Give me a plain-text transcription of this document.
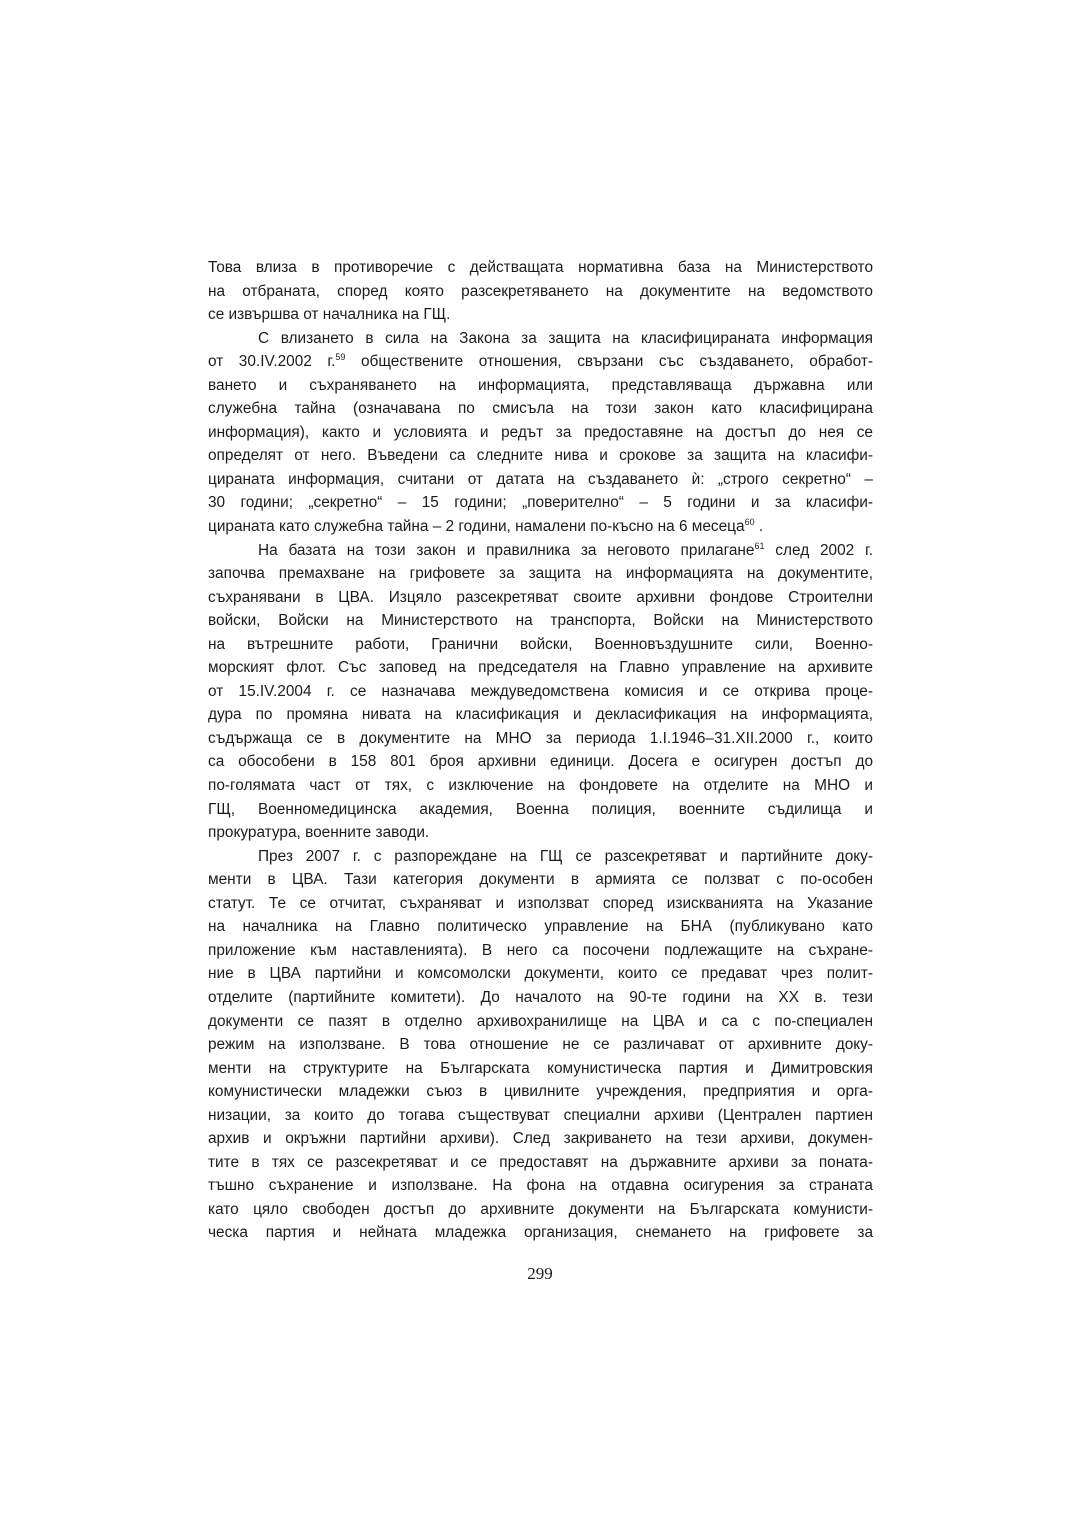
Това влиза в противоречие с действащата нормативна база на Министерството
на отбраната, според която разсекретяването на документите на ведомството
се извършва от началника на ГЩ.
С влизането в сила на Закона за защита на класифицираната информация
от 30.IV.2002 г.$^{59}$ обществените отношения, свързани със създаването, обработ-
ването и съхраняването на информацията, представляваща държавна или
служебна тайна (означавана по смисъла на този закон като класифицирана
информация), както и условията и редът за предоставяне на достъп до нея се
определят от него. Въведени са следните нива и срокове за защита на класифи-
цираната информация, считани от датата на създаването ѝ: „строго секретно“ –
30 години; „секретно“ – 15 години; „поверително“ – 5 години и за класифи-
цираната като служебна тайна – 2 години, намалени по-късно на 6 месеца$^{60}$ .
На базата на този закон и правилника за неговото прилагане$^{61}$ след 2002 г.
започва премахване на грифовете за защита на информацията на документите,
съхранявани в ЦВА. Изцяло разсекретяват своите архивни фондове Строителни
войски, Войски на Министерството на транспорта, Войски на Министерството
на вътрешните работи, Гранични войски, Военновъздушните сили, Военно-
морският флот. Със заповед на председателя на Главно управление на архивите
от 15.IV.2004 г. се назначава междуведомствена комисия и се открива проце-
дура по промяна нивата на класификация и декласификация на информацията,
съдържаща се в документите на МНО за периода 1.I.1946–31.XII.2000 г., които
са обособени в 158 801 броя архивни единици. Досега е осигурен достъп до
по-голямата част от тях, с изключение на фондовете на отделите на МНО и
ГЩ, Военномедицинска академия, Военна полиция, военните съдилища и
прокуратура, военните заводи.
През 2007 г. с разпореждане на ГЩ се разсекретяват и партийните доку-
менти в ЦВА. Тази категория документи в армията се ползват с по-особен
статут. Те се отчитат, съхраняват и използват според изискванията на Указание
на началника на Главно политическо управление на БНА (публикувано като
приложение към наставленията). В него са посочени подлежащите на съхране-
ние в ЦВА партийни и комсомолски документи, които се предават чрез полит-
отделите (партийните комитети). До началото на 90-те години на XX в. тези
документи се пазят в отделно архивохранилище на ЦВА и са с по-специален
режим на използване. В това отношение не се различават от архивните доку-
менти на структурите на Българската комунистическа партия и Димитровския
комунистически младежки съюз в цивилните учреждения, предприятия и орга-
низации, за които до тогава съществуват специални архиви (Централен партиен
архив и окръжни партийни архиви). След закриването на тези архиви, докумен-
тите в тях се разсекретяват и се предоставят на държавните архиви за поната-
тъшно съхранение и използване. На фона на отдавна осигурения за страната
като цяло свободен достъп до архивните документи на Българската комунисти-
ческа партия и нейната младежка организация, снемането на грифовете за
299
